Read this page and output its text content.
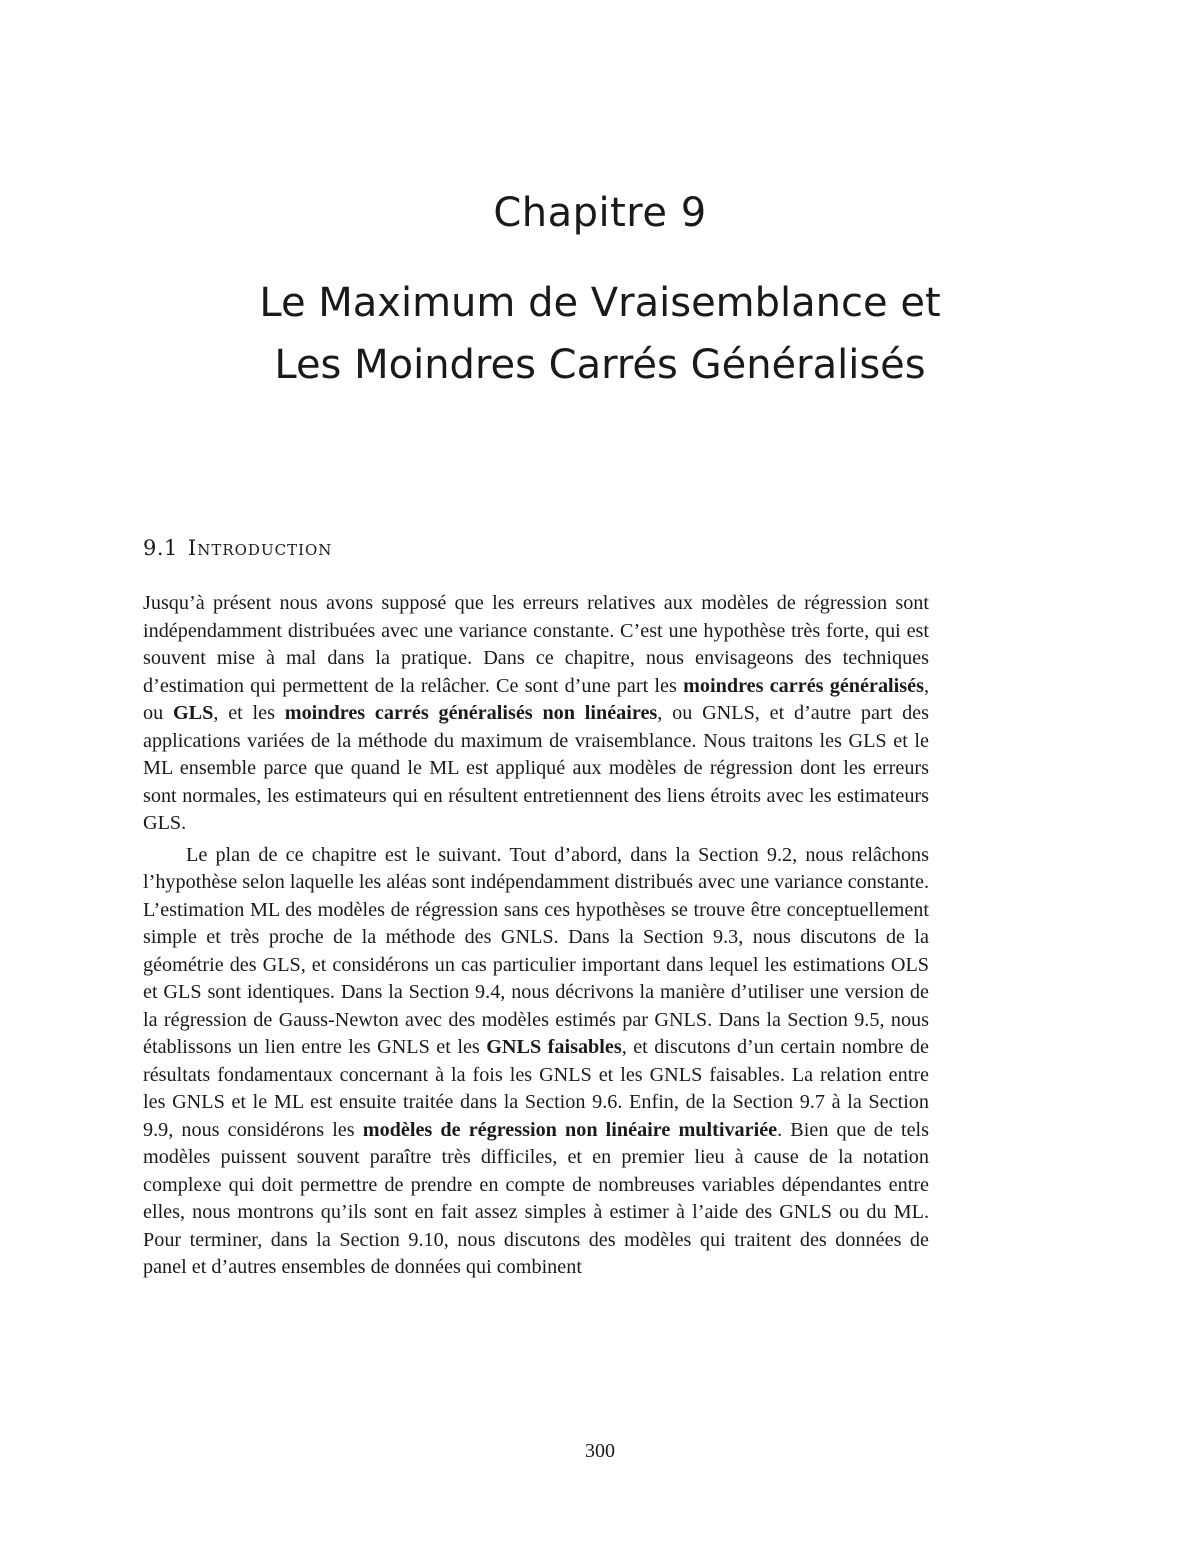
Chapitre 9
Le Maximum de Vraisemblance et
Les Moindres Carrés Généralisés
9.1 Introduction

Jusqu’à présent nous avons supposé que les erreurs relatives aux modèles de régression sont indépendamment distribuées avec une variance constante. C’est une hypothèse très forte, qui est souvent mise à mal dans la pratique. Dans ce chapitre, nous envisageons des techniques d’estimation qui permettent de la relâcher. Ce sont d’une part les moindres carrés généralisés, ou GLS, et les moindres carrés généralisés non linéaires, ou GNLS, et d’autre part des applications variées de la méthode du maximum de vraisemblance. Nous traitons les GLS et le ML ensemble parce que quand le ML est appliqué aux modèles de régression dont les erreurs sont normales, les estimateurs qui en résultent entretiennent des liens étroits avec les estimateurs GLS.

Le plan de ce chapitre est le suivant. Tout d’abord, dans la Section 9.2, nous relâchons l’hypothèse selon laquelle les aléas sont indépendamment distribués avec une variance constante. L’estimation ML des modèles de régression sans ces hypothèses se trouve être conceptuellement simple et très proche de la méthode des GNLS. Dans la Section 9.3, nous discutons de la géométrie des GLS, et considérons un cas particulier important dans lequel les estimations OLS et GLS sont identiques. Dans la Section 9.4, nous décrivons la manière d’utiliser une version de la régression de Gauss-Newton avec des modèles estimés par GNLS. Dans la Section 9.5, nous établissons un lien entre les GNLS et les GNLS faisables, et discutons d’un certain nombre de résultats fondamentaux concernant à la fois les GNLS et les GNLS faisables. La relation entre les GNLS et le ML est ensuite traitée dans la Section 9.6. Enfin, de la Section 9.7 à la Section 9.9, nous considérons les modèles de régression non linéaire multivariée. Bien que de tels modèles puissent souvent paraître très difficiles, et en premier lieu à cause de la notation complexe qui doit permettre de prendre en compte de nombreuses variables dépendantes entre elles, nous montrons qu’ils sont en fait assez simples à estimer à l’aide des GNLS ou du ML. Pour terminer, dans la Section 9.10, nous discutons des modèles qui traitent des données de panel et d’autres ensembles de données qui combinent

300
